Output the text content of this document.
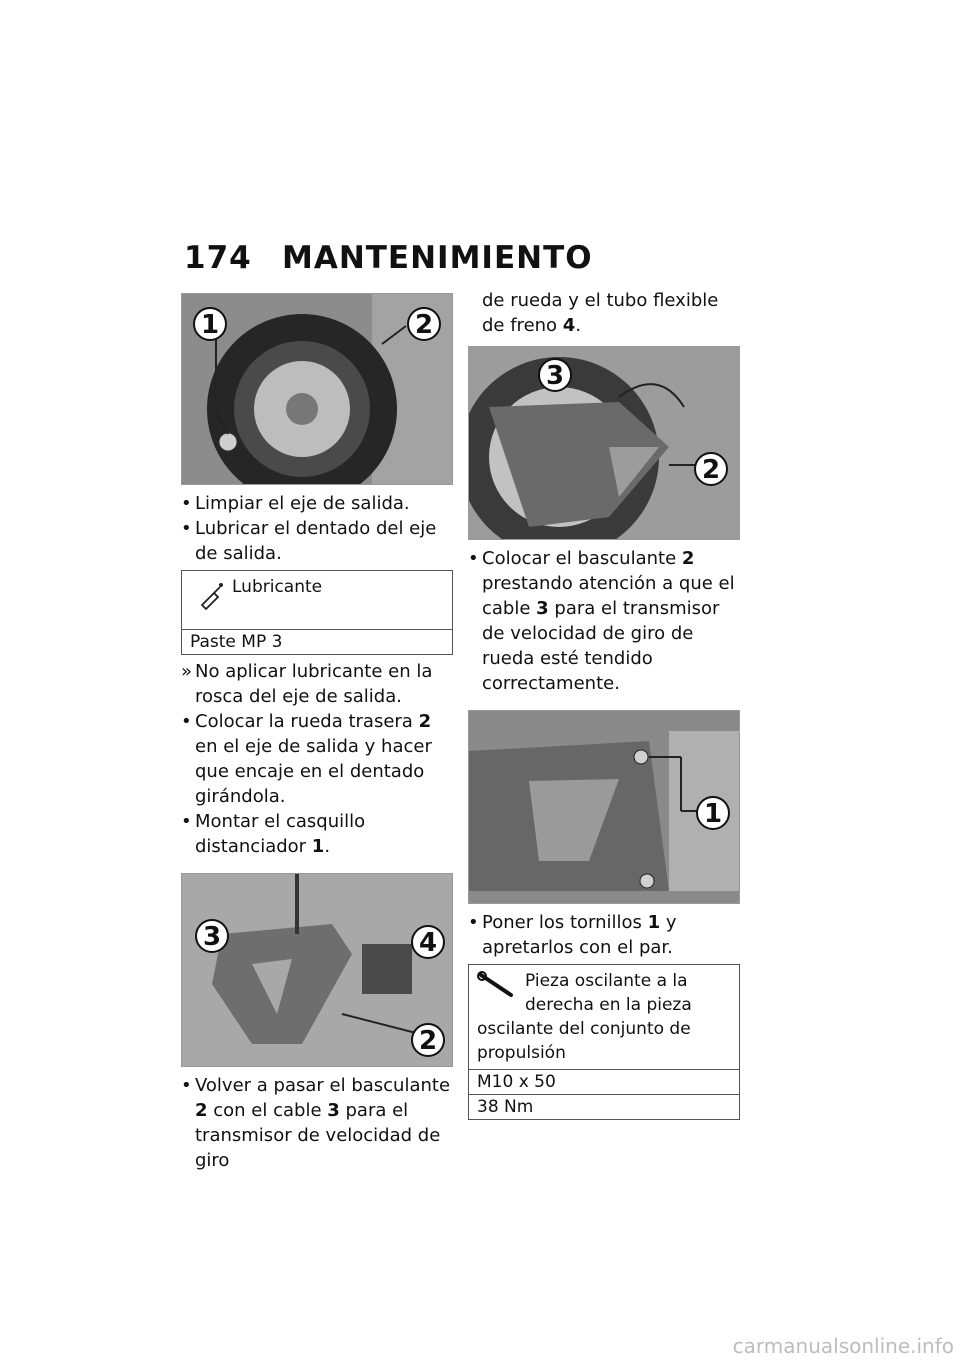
174 MANTENIMIENTO
1	2

• Limpiar el eje de salida.

• Lubricar el dentado del eje de salida.

Lubricante
Paste MP 3

» No aplicar lubricante en la rosca del eje de salida.

• Colocar la rueda trasera 2 en el eje de salida y hacer que encaje en el dentado girándola.

• Montar el casquillo distanciador 1.

3	4
2

• Volver a pasar el basculante 2 con el cable 3 para el transmisor de velocidad de giro

de rueda y el tubo flexible de freno 4.

3
2

• Colocar el basculante 2 prestando atención a que el cable 3 para el transmisor de velocidad de giro de rueda esté tendido correctamente.

1

• Poner los tornillos 1 y apretarlos con el par.

Pieza oscilante a la derecha en la pieza oscilante del conjunto de propulsión
M10 x 50
38 Nm
carmanualsonline.info
